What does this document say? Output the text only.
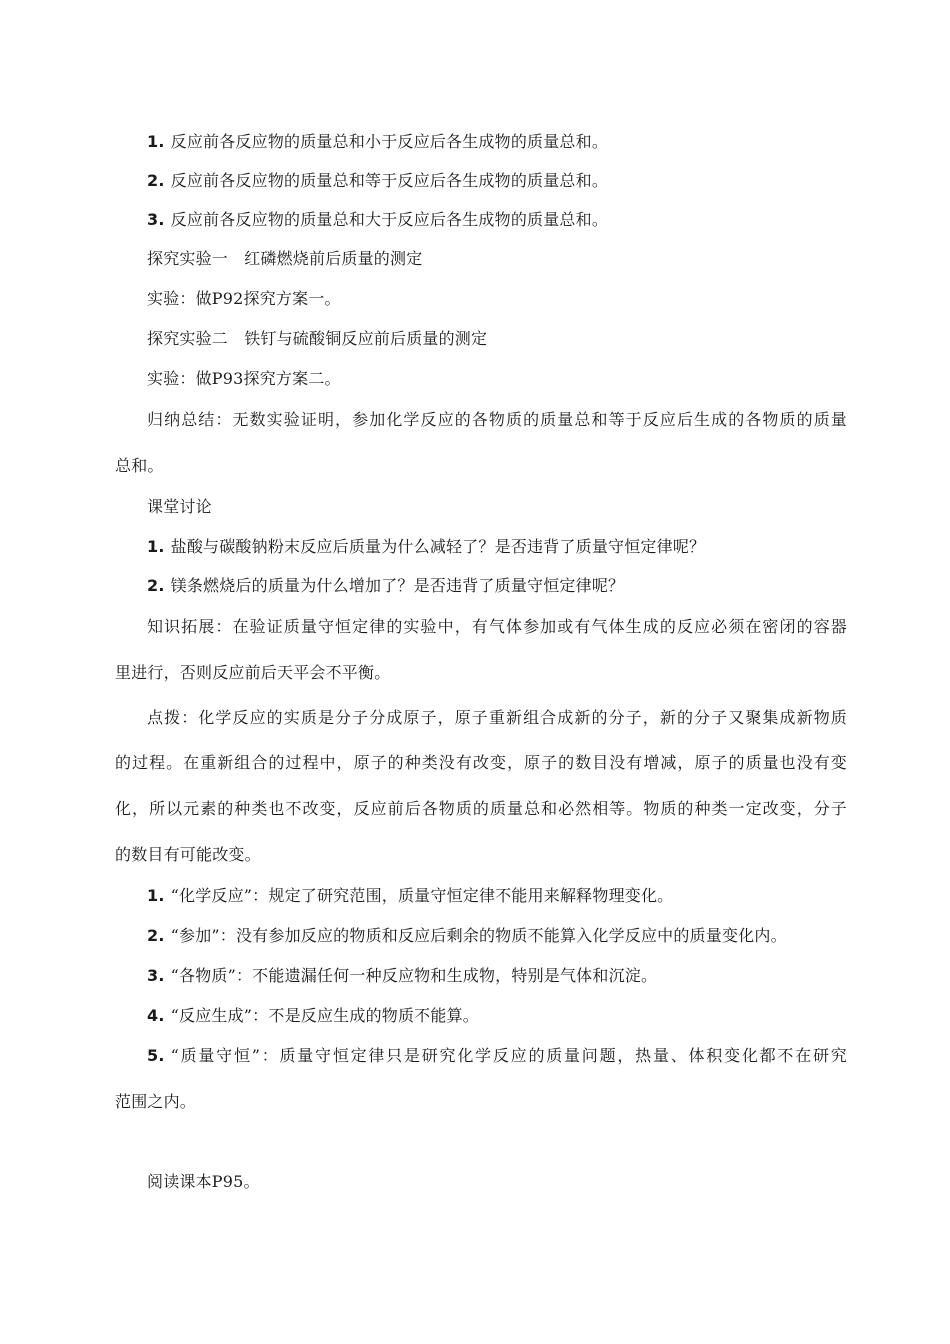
1. 反应前各反应物的质量总和小于反应后各生成物的质量总和。
2. 反应前各反应物的质量总和等于反应后各生成物的质量总和。
3. 反应前各反应物的质量总和大于反应后各生成物的质量总和。
探究实验一　红磷燃烧前后质量的测定
实验：做P92探究方案一。
探究实验二　铁钉与硫酸铜反应前后质量的测定
实验：做P93探究方案二。
归纳总结：无数实验证明，参加化学反应的各物质的质量总和等于反应后生成的各物质的质量
总和。
课堂讨论
1. 盐酸与碳酸钠粉末反应后质量为什么减轻了？是否违背了质量守恒定律呢？
2. 镁条燃烧后的质量为什么增加了？是否违背了质量守恒定律呢？
知识拓展：在验证质量守恒定律的实验中，有气体参加或有气体生成的反应必须在密闭的容器
里进行，否则反应前后天平会不平衡。
点拨：化学反应的实质是分子分成原子，原子重新组合成新的分子，新的分子又聚集成新物质
的过程。在重新组合的过程中，原子的种类没有改变，原子的数目没有增减，原子的质量也没有变
化，所以元素的种类也不改变，反应前后各物质的质量总和必然相等。物质的种类一定改变，分子
的数目有可能改变。
1. “化学反应”：规定了研究范围，质量守恒定律不能用来解释物理变化。
2. “参加”：没有参加反应的物质和反应后剩余的物质不能算入化学反应中的质量变化内。
3. “各物质”：不能遗漏任何一种反应物和生成物，特别是气体和沉淀。
4. “反应生成”：不是反应生成的物质不能算。
5. “质量守恒”：质量守恒定律只是研究化学反应的质量问题，热量、体积变化都不在研究
范围之内。
阅读课本P95。
